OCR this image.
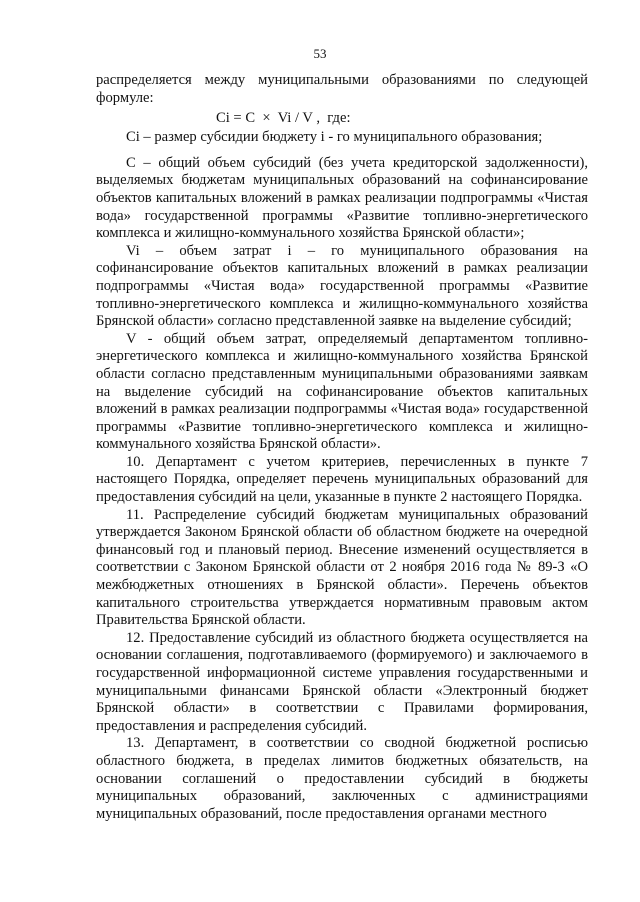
53

распределяется между муниципальными образованиями по следующей формуле:

Ci = C  ×  Vi / V ,  где:

Ci – размер субсидии бюджету i - го муниципального образования;

C – общий объем субсидий (без учета кредиторской задолженности), выделяемых бюджетам муниципальных образований на софинансирование объектов капитальных вложений в рамках реализации подпрограммы «Чистая вода» государственной программы «Развитие топливно-энергетического комплекса и жилищно-коммунального хозяйства Брянской области»;

Vi – объем затрат i – го муниципального образования на софинансирование объектов капитальных вложений в рамках реализации подпрограммы «Чистая вода» государственной программы «Развитие топливно-энергетического комплекса и жилищно-коммунального хозяйства Брянской области» согласно представленной заявке на выделение субсидий;

V - общий объем затрат, определяемый департаментом топливно-энергетического комплекса и жилищно-коммунального хозяйства Брянской области согласно представленным муниципальными образованиями заявкам на выделение субсидий на софинансирование объектов капитальных вложений в рамках реализации подпрограммы «Чистая вода» государственной программы «Развитие топливно-энергетического комплекса и жилищно-коммунального хозяйства Брянской области».

10. Департамент с учетом критериев, перечисленных в пункте 7 настоящего Порядка, определяет перечень муниципальных образований для предоставления субсидий на цели, указанные в пункте 2 настоящего Порядка.

11. Распределение субсидий бюджетам муниципальных образований утверждается Законом Брянской области об областном бюджете на очередной финансовый год и плановый период. Внесение изменений осуществляется в соответствии с Законом Брянской области от 2 ноября 2016 года № 89-З «О межбюджетных отношениях в Брянской области». Перечень объектов капитального строительства утверждается нормативным правовым актом Правительства Брянской области.

12. Предоставление субсидий из областного бюджета осуществляется на основании соглашения, подготавливаемого (формируемого) и заключаемого в государственной информационной системе управления государственными и муниципальными финансами Брянской области «Электронный бюджет Брянской области» в соответствии с Правилами формирования, предоставления и распределения субсидий.

13. Департамент, в соответствии со сводной бюджетной росписью областного бюджета, в пределах лимитов бюджетных обязательств, на основании соглашений о предоставлении субсидий в бюджеты муниципальных образований, заключенных с администрациями муниципальных образований, после предоставления органами местного
